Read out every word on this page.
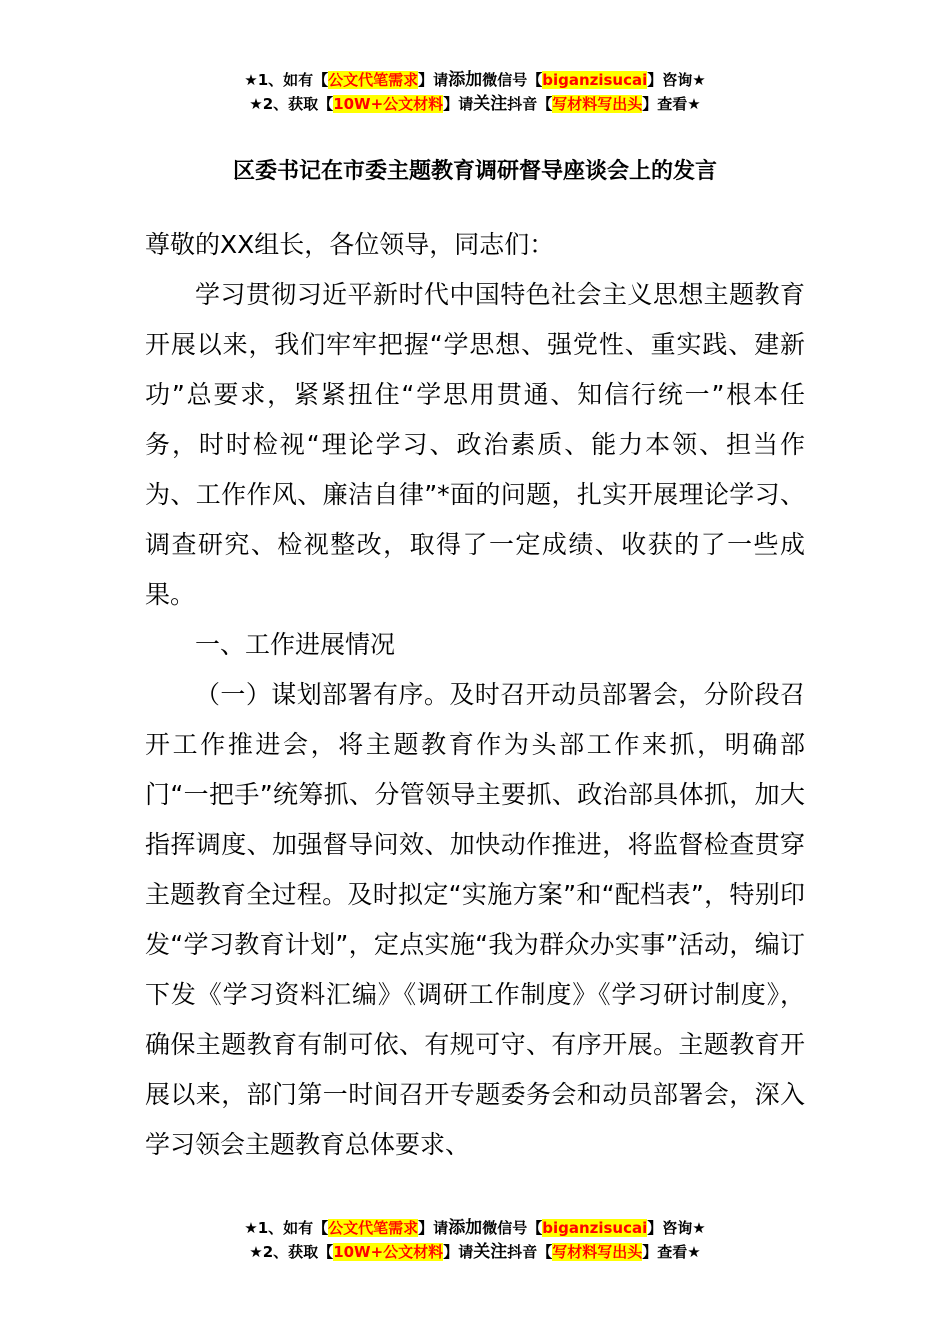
★1、如有【公文代笔需求】请添加微信号【biganzisucai】咨询★
★2、获取【10W+公文材料】请关注抖音【写材料写出头】查看★
区委书记在市委主题教育调研督导座谈会上的发言

尊敬的XX组长，各位领导，同志们：

学习贯彻习近平新时代中国特色社会主义思想主题教育开展以来，我们牢牢把握“学思想、强党性、重实践、建新功”总要求，紧紧扭住“学思用贯通、知信行统一”根本任务，时时检视“理论学习、政治素质、能力本领、担当作为、工作作风、廉洁自律”*面的问题，扎实开展理论学习、调查研究、检视整改，取得了一定成绩、收获的了一些成果。

一、工作进展情况

（一）谋划部署有序。及时召开动员部署会，分阶段召开工作推进会，将主题教育作为头部工作来抓，明确部门“一把手”统筹抓、分管领导主要抓、政治部具体抓，加大指挥调度、加强督导问效、加快动作推进，将监督检查贯穿主题教育全过程。及时拟定“实施方案”和“配档表”，特别印发“学习教育计划”，定点实施“我为群众办实事”活动，编订下发《学习资料汇编》《调研工作制度》《学习研讨制度》，确保主题教育有制可依、有规可守、有序开展。主题教育开展以来，部门第一时间召开专题委务会和动员部署会，深入学习领会主题教育总体要求、

★1、如有【公文代笔需求】请添加微信号【biganzisucai】咨询★
★2、获取【10W+公文材料】请关注抖音【写材料写出头】查看★
